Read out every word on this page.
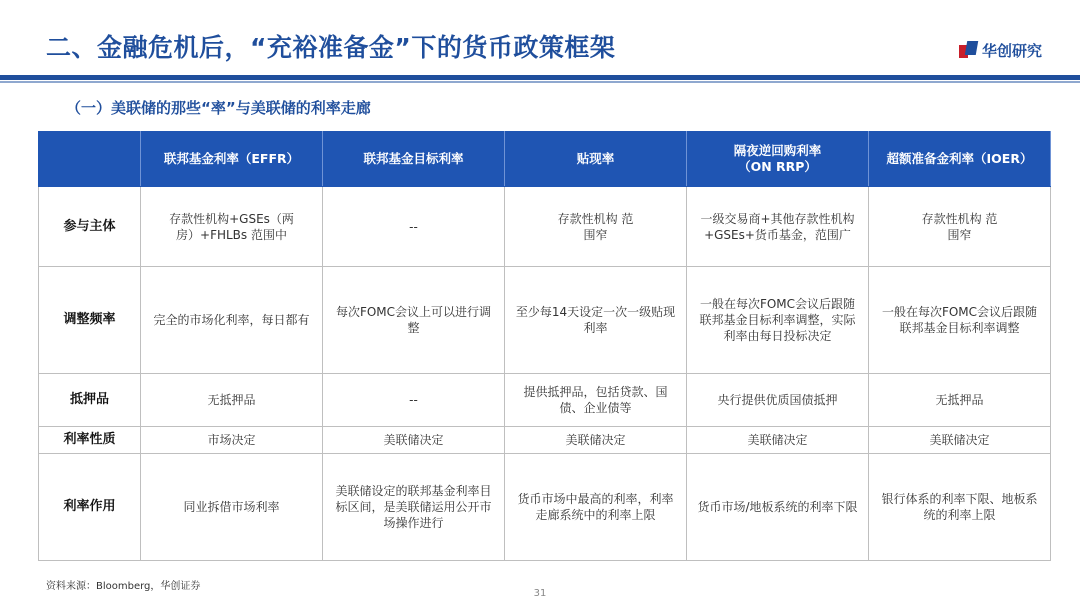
二、金融危机后，“充裕准备金”下的货币政策框架	华创研究
（一）美联储的那些“率”与美联储的利率走廊
	联邦基金利率（EFFR）	联邦基金目标利率	贴现率	隔夜逆回购利率（ON RRP）	超额准备金利率（IOER）
参与主体	存款性机构+GSEs（两房）+FHLBs 范围中	--	存款性机构 范围窄	一级交易商+其他存款性机构+GSEs+货币基金，范围广	存款性机构 范围窄
调整频率	完全的市场化利率，每日都有	每次FOMC会议上可以进行调整	至少每14天设定一次一级贴现利率	一般在每次FOMC会议后跟随联邦基金目标利率调整，实际利率由每日投标决定	一般在每次FOMC会议后跟随联邦基金目标利率调整
抵押品	无抵押品	--	提供抵押品，包括贷款、国债、企业债等	央行提供优质国债抵押	无抵押品
利率性质	市场决定	美联储决定	美联储决定	美联储决定	美联储决定
利率作用	同业拆借市场利率	美联储设定的联邦基金利率目标区间，是美联储运用公开市场操作进行	货币市场中最高的利率，利率走廊系统中的利率上限	货币市场/地板系统的利率下限	银行体系的利率下限、地板系统的利率上限
资料来源：Bloomberg，华创证券
31
